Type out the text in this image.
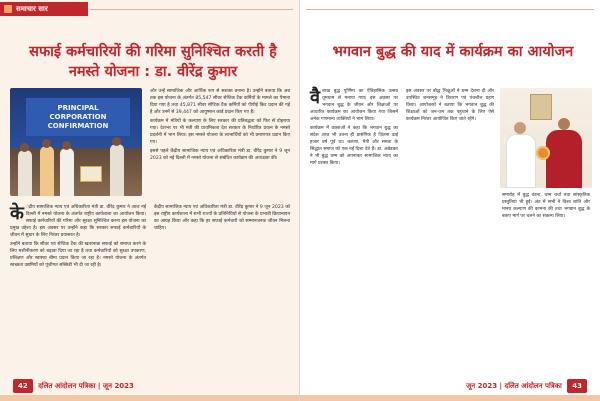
समाचार सार
सफाई कर्मचारियों की गरिमा सुनिश्चित करती है नमस्ते योजना : डा. वीरेंद्र कुमार
PRINCIPAL CORPORATION CONFIRMATION

और उन्हें सामाजिक और आर्थिक रूप से सशक्त बनाना है। उन्होंने बताया कि अब तक इस योजना के अंतर्गत 85,547 सीवर सेप्टिक टैंक कर्मियों के मामले का पैमाना दिया गया है तथा 45,871 सीवर सेप्टिक टैंक कर्मियों को पीपीई किट प्रदान की गई है और उनमें से 39,447 को आयुष्मान कार्ड प्रदान किए गए हैं।

कार्यक्रम में मंत्रियों के कल्याण के लिए सरकार की प्रतिबद्धता को फिर से दोहराया गया। देशभर पर भी मंत्री की प्राथमिकता देश सरकार के निर्धारित प्रयत्न के नमस्ते प्रदर्शनी में भाग लिया। इस नमस्ते योजना के लाभार्थियों को भी प्रमाणपत्र प्रदान किए गए।

इससे पहले केंद्रीय सामाजिक न्याय एवं अधिकारिता मंत्री डा. वीरेंद्र कुमार ने 9 जून 2023 को नई दिल्ली में नमस्ते योजना से संबंधित कार्यक्रम की अध्यक्षता की।

के ंद्रीय सामाजिक न्याय एवं अधिकारिता मंत्री डा. वीरेंद्र कुमार ने आज नई दिल्ली में नमस्ते योजना के अंतर्गत राष्ट्रीय कार्यशाला का आयोजन किया। सफाई कर्मचारियों की गरिमा और सुरक्षा सुनिश्चित करना इस योजना का प्रमुख उद्देश्य है। इस अवसर पर उन्होंने कहा कि सरकार सफाई कर्मचारियों के जीवन में सुधार के लिए निरंतर प्रयासरत है।

उन्होंने बताया कि सीवर एवं सेप्टिक टैंक की खतरनाक सफाई को समाप्त करने के लिए मशीनीकरण को बढ़ावा दिया जा रहा है तथा कर्मचारियों को सुरक्षा उपकरण, प्रशिक्षण और स्वास्थ्य बीमा प्रदान किया जा रहा है। नमस्ते योजना के अंतर्गत स्वच्छता उद्यमियों को पूंजीगत सब्सिडी भी दी जा रही है।

केंद्रीय सामाजिक न्याय एवं अधिकारिता मंत्री डा. वीरेंद्र कुमार ने 9 जून 2023 को इस राष्ट्रीय कार्यशाला में सभी राज्यों के प्रतिनिधियों से योजना के प्रभावी क्रियान्वयन का आग्रह किया और कहा कि हर सफाई कर्मचारी को सम्मानजनक जीवन मिलना चाहिए।

42 दलित आंदोलन पत्रिका | जून 2023
भगवान बुद्ध की याद में कार्यक्रम का आयोजन

वैशाख बुद्ध पूर्णिमा का ऐतिहासिक उत्सव धूमधाम से मनाया गया। इस अवसर पर भगवान बुद्ध के जीवन और शिक्षाओं पर आधारित कार्यक्रम का आयोजन किया गया जिसमें अनेक गणमान्य व्यक्तियों ने भाग लिया।

कार्यक्रम में वक्ताओं ने कहा कि भगवान बुद्ध का संदेश आज भी उतना ही प्रासंगिक है जितना ढाई हजार वर्ष पूर्व था। करुणा, मैत्री और समता के सिद्धांत समाज को एक नई दिशा देते हैं। डा. अंबेडकर ने भी बुद्ध धम्म को अपनाकर सामाजिक न्याय का मार्ग प्रशस्त किया।

इस अवसर पर बौद्ध भिक्षुओं ने धम्म देशना दी और उपस्थित जनसमूह ने त्रिशरण एवं पंचशील ग्रहण किया। आयोजकों ने बताया कि भगवान बुद्ध की शिक्षाओं को जन-जन तक पहुंचाने के लिए ऐसे कार्यक्रम निरंतर आयोजित किए जाते रहेंगे।

समारोह में बुद्ध वंदना, धम्म चर्चा तथा सांस्कृतिक प्रस्तुतियां भी हुईं। अंत में सभी ने विश्व शांति और मानव कल्याण की कामना की तथा भगवान बुद्ध के बताए मार्ग पर चलने का संकल्प लिया।

जून 2023 | दलित आंदोलन पत्रिका 43
